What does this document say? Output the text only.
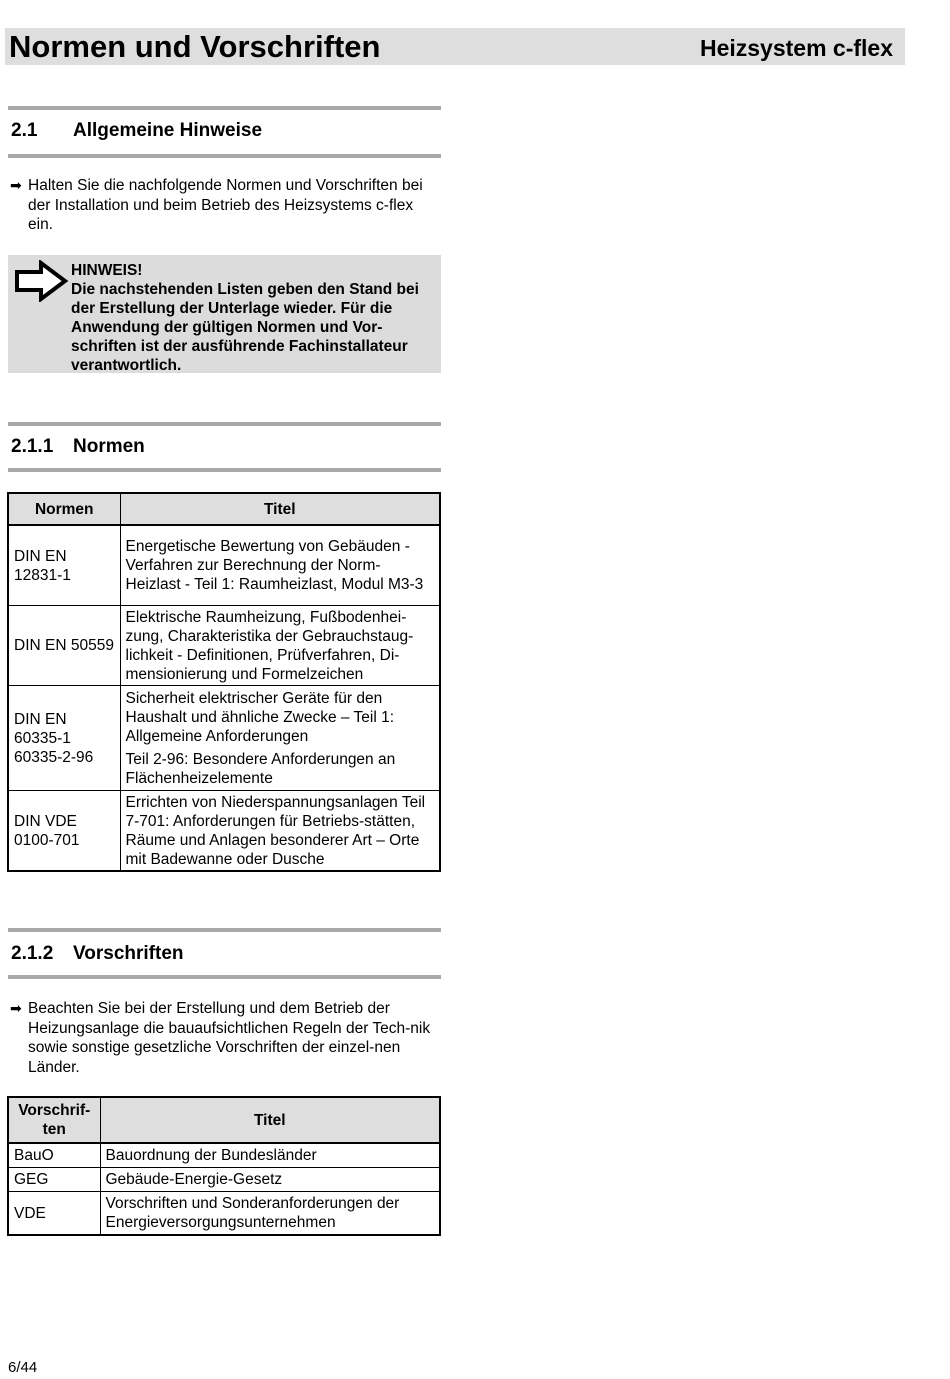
Normen und Vorschriften	Heizsystem c-flex
2.1 Allgemeine Hinweise
➡ Halten Sie die nachfolgende Normen und Vorschriften bei der Installation und beim Betrieb des Heizsystems c-flex ein.
HINWEIS!
Die nachstehenden Listen geben den Stand bei der Erstellung der Unterlage wieder. Für die Anwendung der gültigen Normen und Vor-schriften ist der ausführende Fachinstallateur verantwortlich.
2.1.1 Normen
Normen	Titel
DIN EN 12831-1	Energetische Bewertung von Gebäuden - Verfahren zur Berechnung der Norm-Heizlast - Teil 1: Raumheizlast, Modul M3-3
DIN EN 50559	Elektrische Raumheizung, Fußbodenhei-zung, Charakteristika der Gebrauchstaug-lichkeit - Definitionen, Prüfverfahren, Di-mensionierung und Formelzeichen
DIN EN 60335-1 60335-2-96	Sicherheit elektrischer Geräte für den Haushalt und ähnliche Zwecke – Teil 1: Allgemeine Anforderungen
Teil 2-96: Besondere Anforderungen an Flächenheizelemente

DIN VDE 0100-701	Errichten von Niederspannungsanlagen Teil 7-701: Anforderungen für Betriebs-stätten, Räume und Anlagen besonderer Art – Orte mit Badewanne oder Dusche
2.1.2 Vorschriften
➡ Beachten Sie bei der Erstellung und dem Betrieb der Heizungsanlage die bauaufsichtlichen Regeln der Tech-nik sowie sonstige gesetzliche Vorschriften der einzel-nen Länder.
Vorschrif-ten	Titel
BauO	Bauordnung der Bundesländer
GEG	Gebäude-Energie-Gesetz
VDE	Vorschriften und Sonderanforderungen der Energieversorgungsunternehmen
6/44
